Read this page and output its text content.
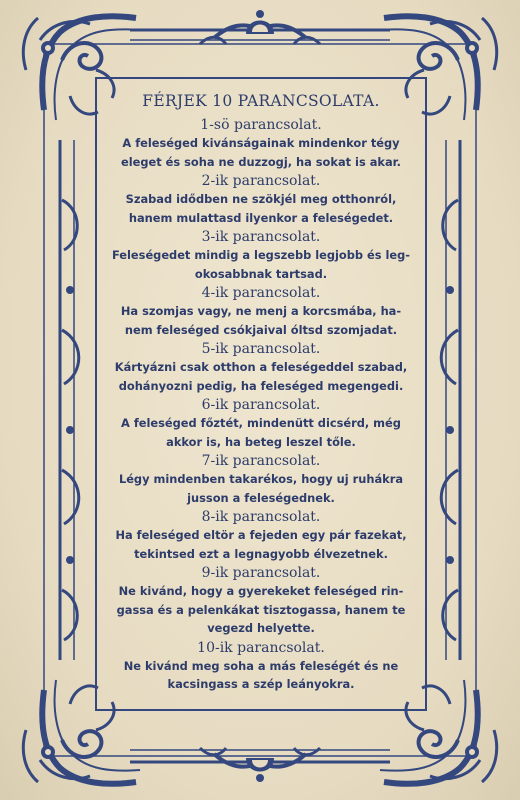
FÉRJEK 10 PARANCSOLATA.
1-sö parancsolat.
A feleséged kivánságainak mindenkor tégy
eleget és soha ne duzzogj, ha sokat is akar.
2-ik parancsolat.
Szabad idődben ne szökjél meg otthonról,
hanem mulattasd ilyenkor a feleségedet.
3-ik parancsolat.
Feleségedet mindig a legszebb legjobb és leg-
okosabbnak tartsad.
4-ik parancsolat.
Ha szomjas vagy, ne menj a korcsmába, ha-
nem feleséged csókjaival óltsd szomjadat.
5-ik parancsolat.
Kártyázni csak otthon a feleségeddel szabad,
dohányozni pedig, ha feleséged megengedi.
6-ik parancsolat.
A feleséged főztét, mindenütt dicsérd, még
akkor is, ha beteg leszel tőle.
7-ik parancsolat.
Légy mindenben takarékos, hogy uj ruhákra
jusson a feleségednek.
8-ik parancsolat.
Ha feleséged eltör a fejeden egy pár fazekat,
tekintsed ezt a legnagyobb élvezetnek.
9-ik parancsolat.
Ne kivánd, hogy a gyerekeket feleséged rin-
gassa és a pelenkákat tisztogassa, hanem te
vegezd helyette.
10-ik parancsolat.
Ne kivánd meg soha a más feleségét és ne
kacsingass a szép leányokra.
